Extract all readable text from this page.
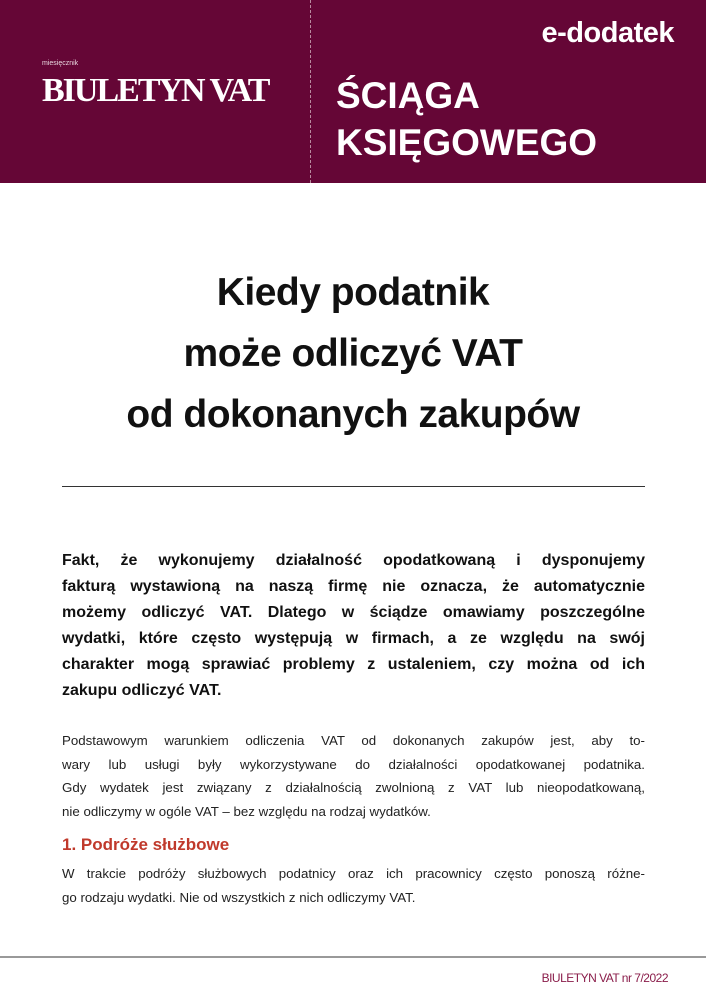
miesięcznik
BIULETYN VAT
e-dodatek
ŚCIĄGA
KSIĘGOWEGO
Kiedy podatnik
może odliczyć VAT
od dokonanych zakupów
Fakt, że wykonujemy działalność opodatkowaną i dysponujemy
fakturą wystawioną na naszą firmę nie oznacza, że automatycznie
możemy odliczyć VAT. Dlatego w ściądze omawiamy poszczególne
wydatki, które często występują w firmach, a ze względu na swój
charakter mogą sprawiać problemy z ustaleniem, czy można od ich
zakupu odliczyć VAT.
Podstawowym warunkiem odliczenia VAT od dokonanych zakupów jest, aby to-
wary lub usługi były wykorzystywane do działalności opodatkowanej podatnika.
Gdy wydatek jest związany z działalnością zwolnioną z VAT lub nieopodatkowaną,
nie odliczymy w ogóle VAT – bez względu na rodzaj wydatków.
1. Podróże służbowe
W trakcie podróży służbowych podatnicy oraz ich pracownicy często ponoszą różne-
go rodzaju wydatki. Nie od wszystkich z nich odliczymy VAT.
BIULETYN VAT nr 7/2022
